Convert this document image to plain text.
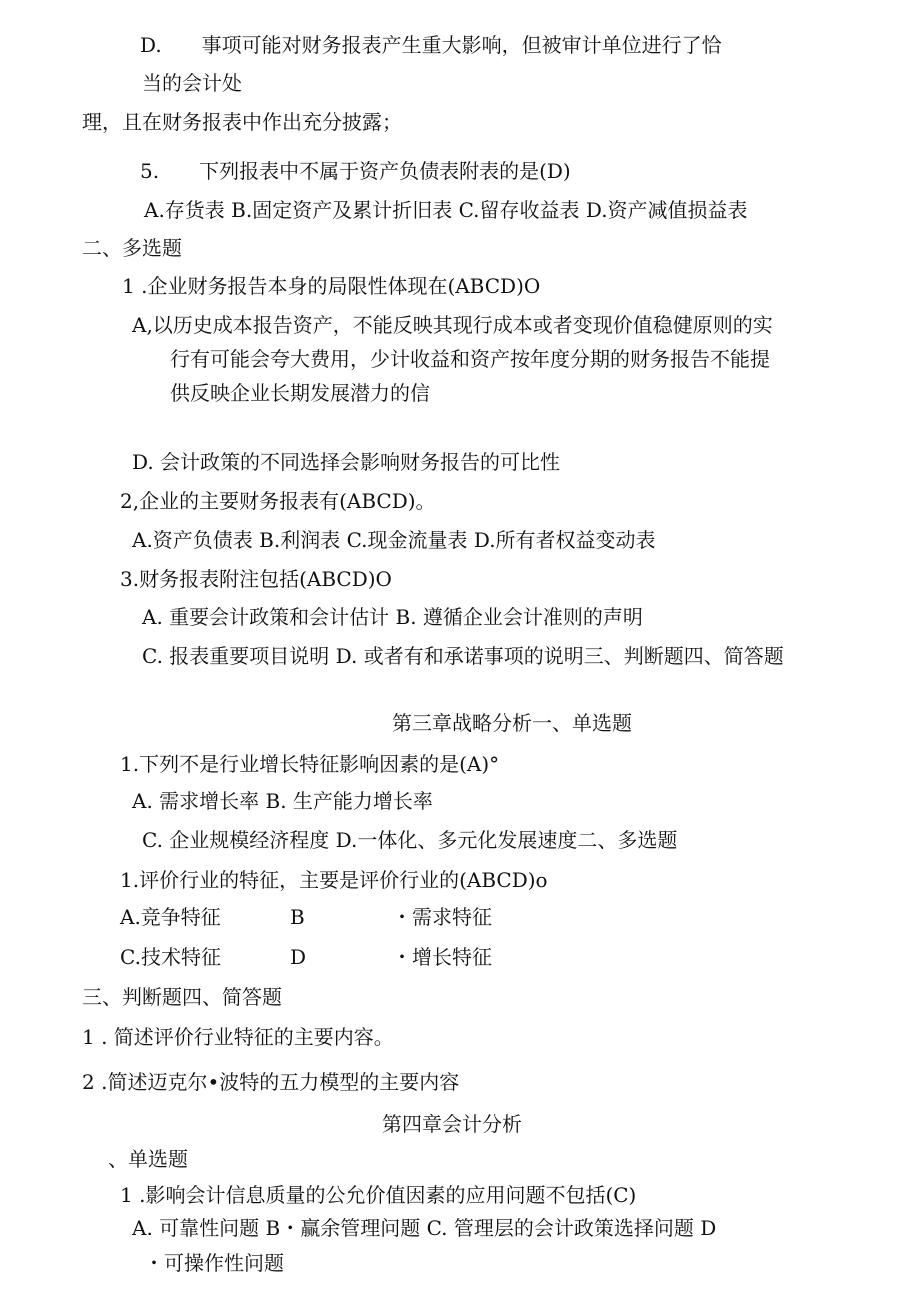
D.　　事项可能对财务报表产生重大影响，但被审计单位进行了恰
当的会计处
理，且在财务报表中作出充分披露；
5.　　下列报表中不属于资产负债表附表的是(D)
A.存货表 B.固定资产及累计折旧表 C.留存收益表 D.资产减值损益表
二、多选题
1 .企业财务报告本身的局限性体现在(ABCD)O
A,以历史成本报告资产，不能反映其现行成本或者变现价值稳健原则的实
行有可能会夸大费用，少计收益和资产按年度分期的财务报告不能提
供反映企业长期发展潜力的信
D. 会计政策的不同选择会影响财务报告的可比性
2,企业的主要财务报表有(ABCD)。
A.资产负债表 B.利润表 C.现金流量表 D.所有者权益变动表
3.财务报表附注包括(ABCD)O
A. 重要会计政策和会计估计 B. 遵循企业会计准则的声明
C. 报表重要项目说明 D. 或者有和承诺事项的说明三、判断题四、简答题
第三章战略分析一、单选题
1.下列不是行业增长特征影响因素的是(A)°
A. 需求增长率 B. 生产能力增长率
C. 企业规模经济程度 D.一体化、多元化发展速度二、多选题
1.评价行业的特征，主要是评价行业的(ABCD)o
A.竞争特征	B	・需求特征
C.技术特征	D	・增长特征
三、判断题四、简答题
1 . 简述评价行业特征的主要内容。
2 .简述迈克尔•波特的五力模型的主要内容
第四章会计分析
、单选题
1 .影响会计信息质量的公允价值因素的应用问题不包括(C)
A. 可靠性问题 B・赢余管理问题 C. 管理层的会计政策选择问题 D
・可操作性问题
